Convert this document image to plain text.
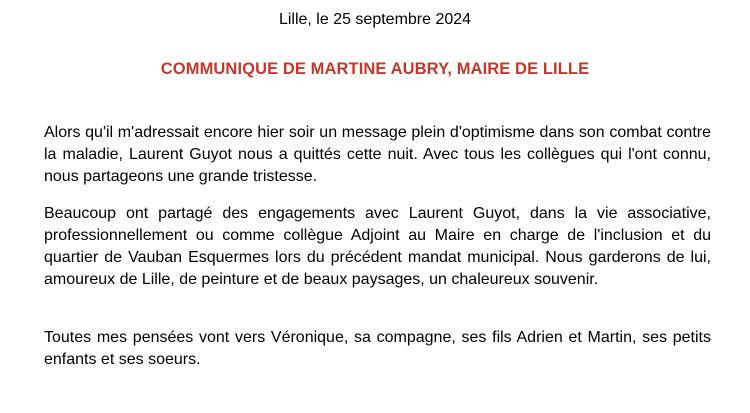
Lille, le 25 septembre 2024
COMMUNIQUE DE MARTINE AUBRY, MAIRE DE LILLE

Alors qu'il m'adressait encore hier soir un message plein d'optimisme dans son combat contre la maladie, Laurent Guyot nous a quittés cette nuit. Avec tous les collègues qui l'ont connu, nous partageons une grande tristesse.

Beaucoup ont partagé des engagements avec Laurent Guyot, dans la vie associative, professionnellement ou comme collègue Adjoint au Maire en charge de l'inclusion et du quartier de Vauban Esquermes lors du précédent mandat municipal. Nous garderons de lui, amoureux de Lille, de peinture et de beaux paysages, un chaleureux souvenir.

Toutes mes pensées vont vers Véronique, sa compagne, ses fils Adrien et Martin, ses petits enfants et ses soeurs.
